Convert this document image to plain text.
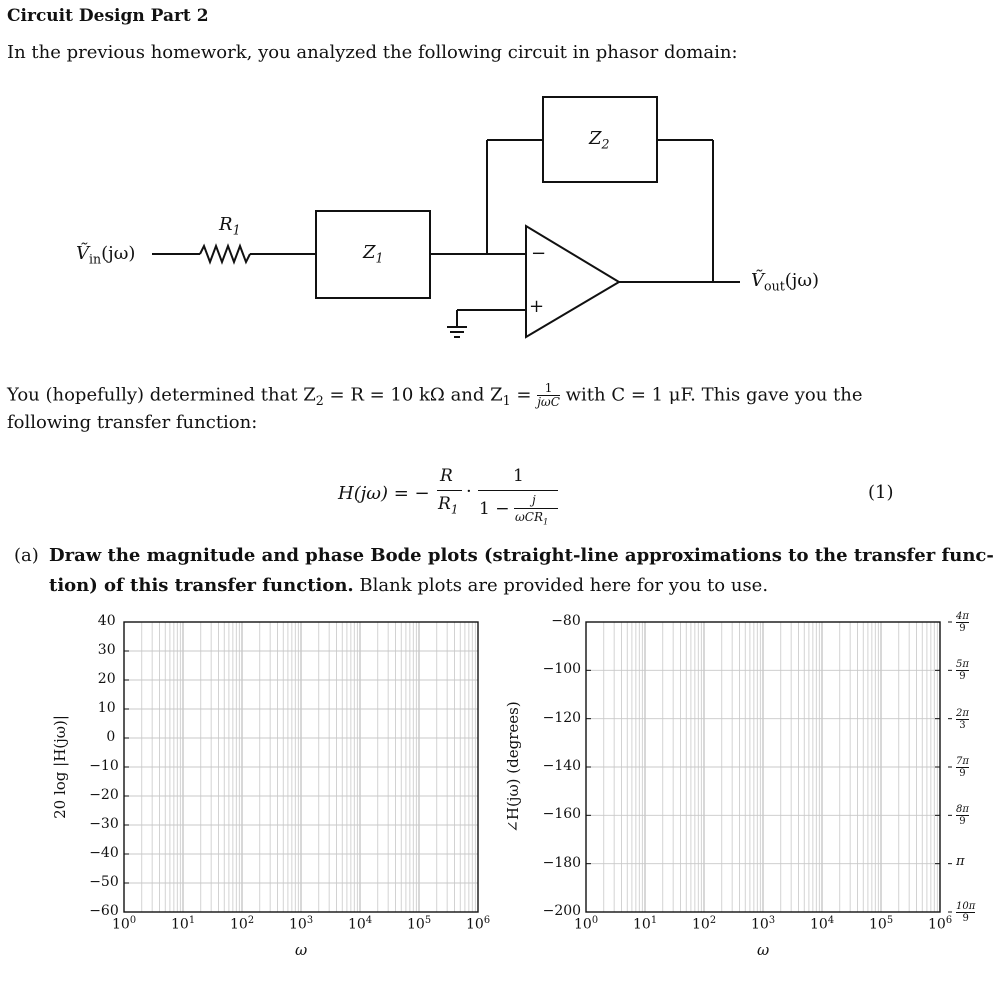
Circuit Design Part 2
In the previous homework, you analyzed the following circuit in phasor domain:
Ṽ$_{in}$(jω)
$R_1$
$Z_1$
$Z_2$
−
+
Ṽ$_{out}$(jω)
You (hopefully) determined that $Z_2 = R = 10$ kΩ and $Z_1 = 1$
jωC with C = 1 μF. This gave you the
following transfer function:
H(jω) = −
R
$R_1$
·
1
1 − j
ωCR$_1$
(1)
(a) Draw the magnitude and phase Bode plots (straight-line approximations to the transfer func-
tion) of this transfer function. Blank plots are provided here for you to use.
$10^0$ $10^1$ $10^2$ $10^3$ $10^4$ $10^5$ $10^6$
40
30
20
10
0
−10
−20
−30
−40
−50
−60
ω
20 log |H(jω)|
$10^0$ $10^1$ $10^2$ $10^3$ $10^4$ $10^5$ $10^6$
−80
−100
−120
−140
−160
−180
−200
ω
∠H(jω) (degrees)
$\frac{4\pi}{9}$
$\frac{5\pi}{9}$
$\frac{2\pi}{3}$
$\frac{7\pi}{9}$
$\frac{8\pi}{9}$
π
$\frac{10\pi}{9}$
